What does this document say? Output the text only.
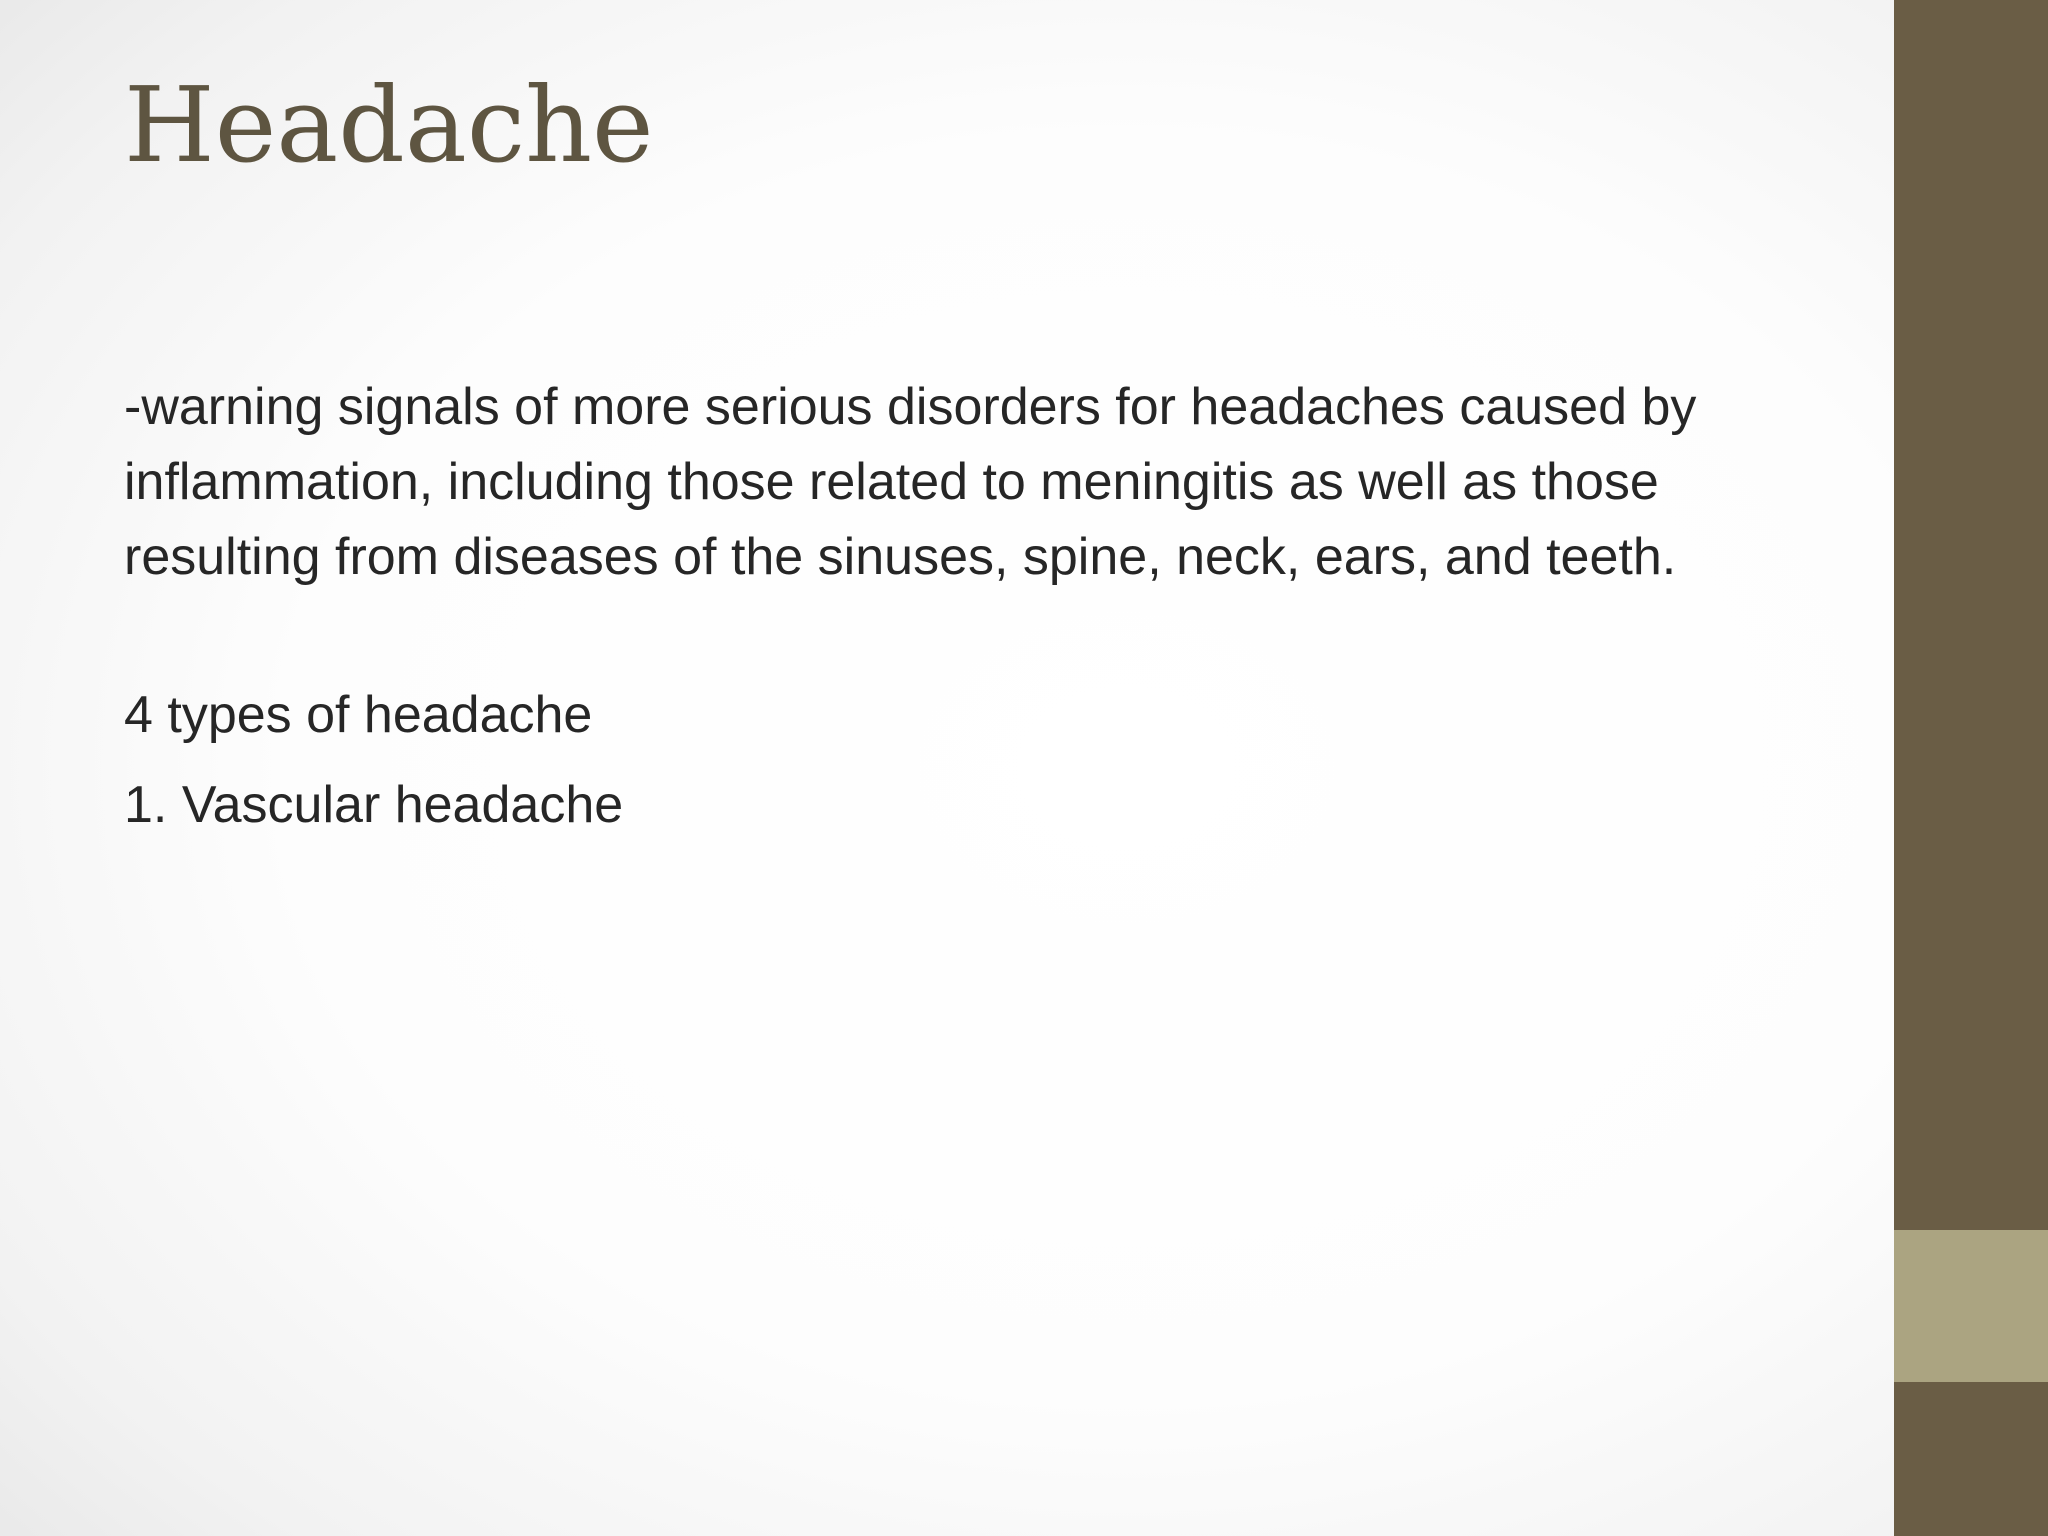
Headache

-warning signals of more serious disorders for headaches caused by inflammation, including those related to meningitis as well as those resulting from diseases of the sinuses, spine, neck, ears, and teeth.

4 types of headache

1. Vascular headache
